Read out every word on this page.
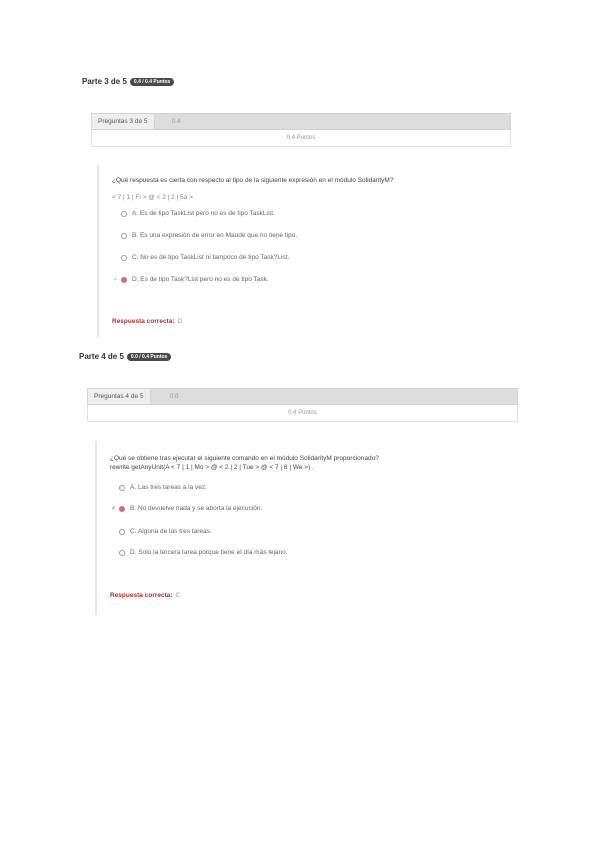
Parte 3 de 5	0.4 / 0.4 Puntos
Preguntas 3 de 5	0.4
0.4 Puntos
¿Qué respuesta es cierta con respecto al tipo de la siguiente expresión en el módulo SolidarityM?
< 7 | 1 | Fi > @ < 2 | 2 | 5a >
A. Es de tipo TaskList pero no es de tipo TaskList.
B. Es una expresión de error en Maude que no tiene tipo.
C. No es de tipo TaskList ni tampoco de tipo Task?List.
✓	D. Es de tipo Task?List pero no es de tipo Task.
Respuesta correcta: D
Parte 4 de 5	0.0 / 0.4 Puntos
Preguntas 4 de 5	0.0
0.4 Puntos
¿Qué se obtiene tras ejecutar el siguiente comando en el módulo SolidarityM proporcionado?
rewrite getAnyUnit(A < 7 | 1 | Mo > @ < 2 | 2 | Tue > @ < 7 | 8 | We >) .
A. Las tres tareas a la vez.
✕	B. No devuelve nada y se aborta la ejecución.
C. Alguna de las tres tareas.
D. Solo la tercera tarea porque tiene el día más lejano.
Respuesta correcta: C
